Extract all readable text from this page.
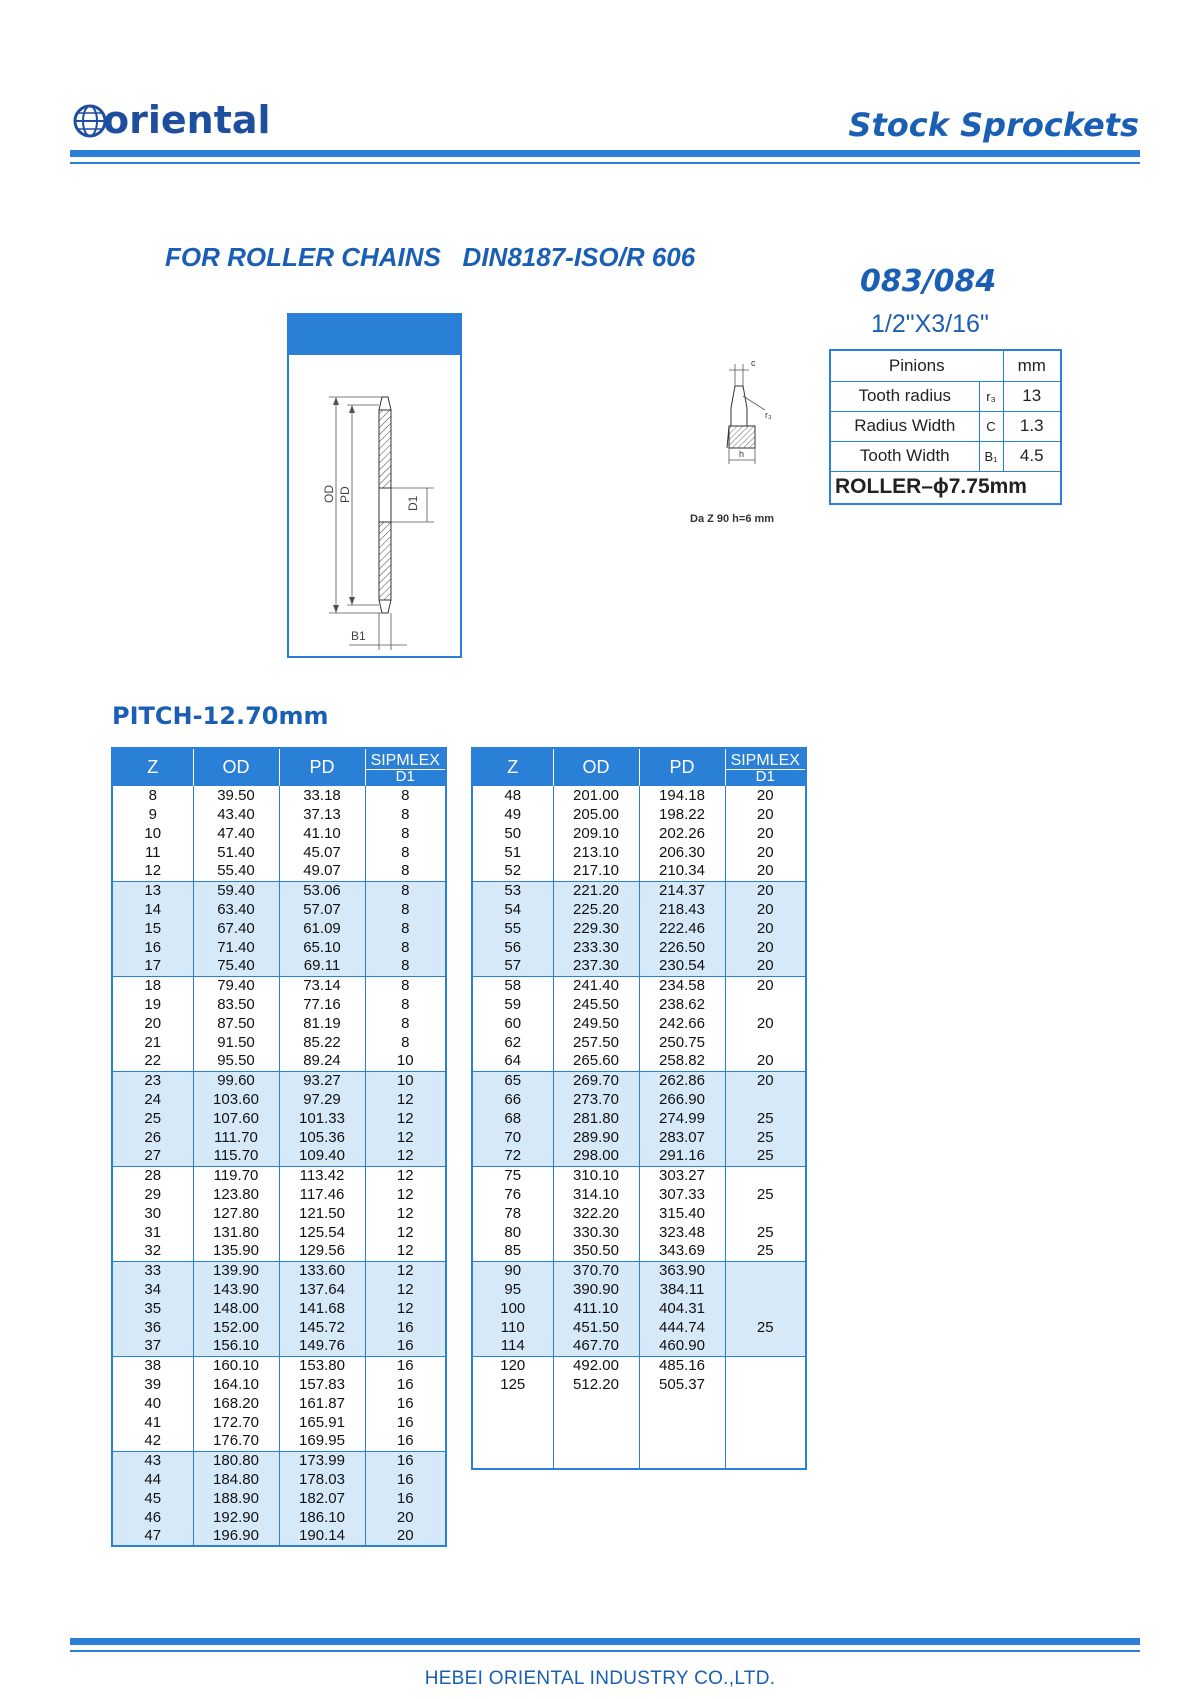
oriental	Stock Sprockets
FOR ROLLER CHAINS   DIN8187-ISO/R 606
083/084
1/2"X3/16"
OD PD
D1
B1
c
r₃
h
Da Z 90 h=6 mm
Pinions		mm
Tooth radius	r₃	13
Radius Width	C	1.3
Tooth Width	B₁	4.5
ROLLER–ϕ7.75mm		
PITCH-12.70mm
Z	OD	PD	SIPMLEX
D1

8	39.50	33.18	8
9	43.40	37.13	8
10	47.40	41.10	8
11	51.40	45.07	8
12	55.40	49.07	8
13	59.40	53.06	8
14	63.40	57.07	8
15	67.40	61.09	8
16	71.40	65.10	8
17	75.40	69.11	8
18	79.40	73.14	8
19	83.50	77.16	8
20	87.50	81.19	8
21	91.50	85.22	8
22	95.50	89.24	10
23	99.60	93.27	10
24	103.60	97.29	12
25	107.60	101.33	12
26	111.70	105.36	12
27	115.70	109.40	12
28	119.70	113.42	12
29	123.80	117.46	12
30	127.80	121.50	12
31	131.80	125.54	12
32	135.90	129.56	12
33	139.90	133.60	12
34	143.90	137.64	12
35	148.00	141.68	12
36	152.00	145.72	16
37	156.10	149.76	16
38	160.10	153.80	16
39	164.10	157.83	16
40	168.20	161.87	16
41	172.70	165.91	16
42	176.70	169.95	16
43	180.80	173.99	16
44	184.80	178.03	16
45	188.90	182.07	16
46	192.90	186.10	20
47	196.90	190.14	20
Z	OD	PD	SIPMLEX
D1

48	201.00	194.18	20
49	205.00	198.22	20
50	209.10	202.26	20
51	213.10	206.30	20
52	217.10	210.34	20
53	221.20	214.37	20
54	225.20	218.43	20
55	229.30	222.46	20
56	233.30	226.50	20
57	237.30	230.54	20
58	241.40	234.58	20
59	245.50	238.62	
60	249.50	242.66	20
62	257.50	250.75	
64	265.60	258.82	20
65	269.70	262.86	20
66	273.70	266.90	
68	281.80	274.99	25
70	289.90	283.07	25
72	298.00	291.16	25
75	310.10	303.27	
76	314.10	307.33	25
78	322.20	315.40	
80	330.30	323.48	25
85	350.50	343.69	25
90	370.70	363.90	
95	390.90	384.11	
100	411.10	404.31	
110	451.50	444.74	25
114	467.70	460.90	
120	492.00	485.16	
125	512.20	505.37	

HEBEI ORIENTAL INDUSTRY CO.,LTD.
